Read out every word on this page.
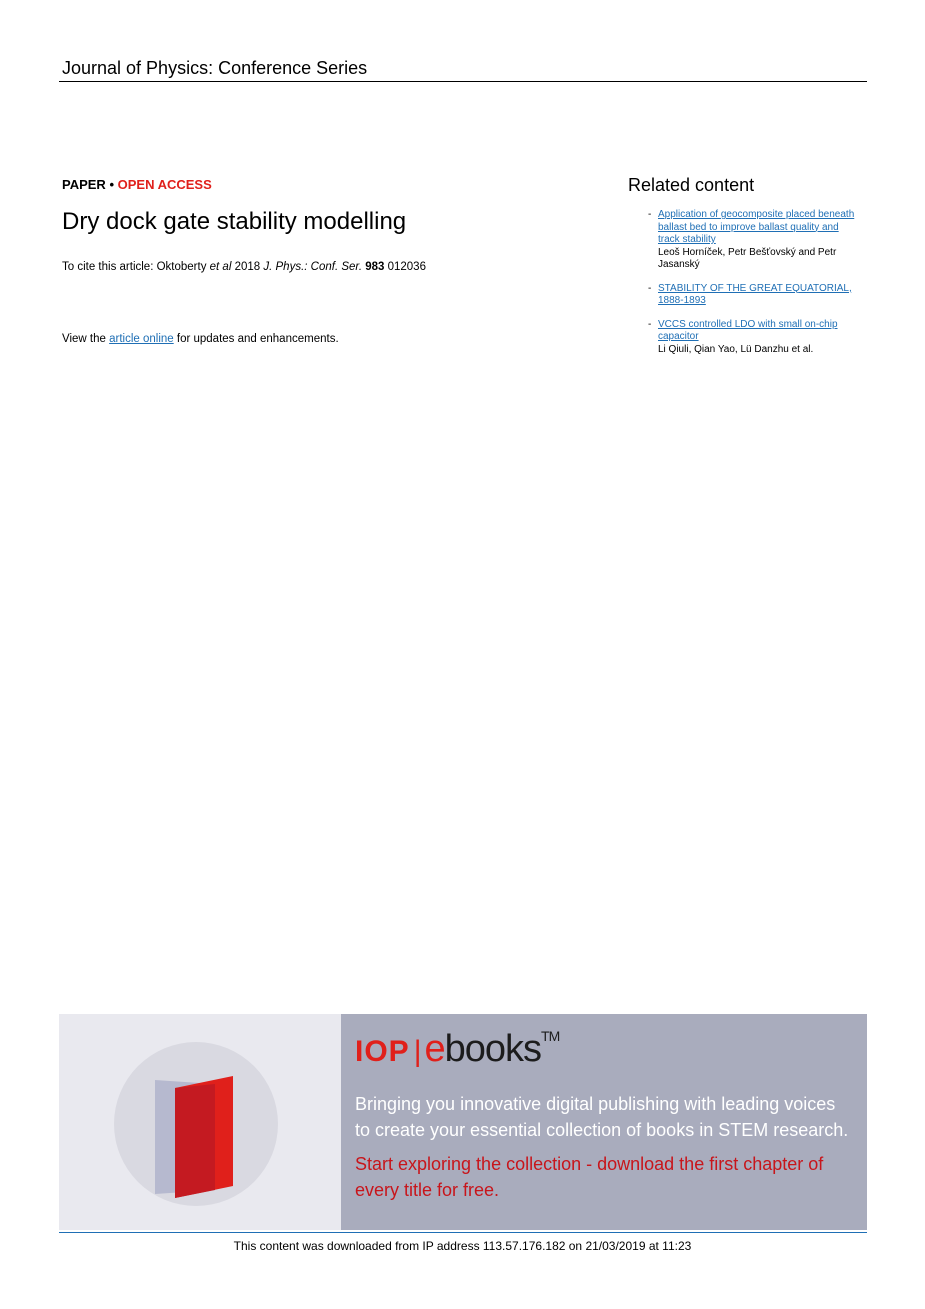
Journal of Physics: Conference Series
PAPER • OPEN ACCESS
Dry dock gate stability modelling
To cite this article: Oktoberty et al 2018 J. Phys.: Conf. Ser. 983 012036
View the article online for updates and enhancements.
Related content
- Application of geocomposite placed beneath ballast bed to improve ballast quality and track stability
Leoš Horníček, Petr Bešťovský and Petr Jasanský
- STABILITY OF THE GREAT EQUATORIAL, 1888-1893
- VCCS controlled LDO with small on-chip capacitor
Li Qiuli, Qian Yao, Lü Danzhu et al.
IOP | ebooks™
Bringing you innovative digital publishing with leading voices to create your essential collection of books in STEM research.
Start exploring the collection - download the first chapter of every title for free.
This content was downloaded from IP address 113.57.176.182 on 21/03/2019 at 11:23
